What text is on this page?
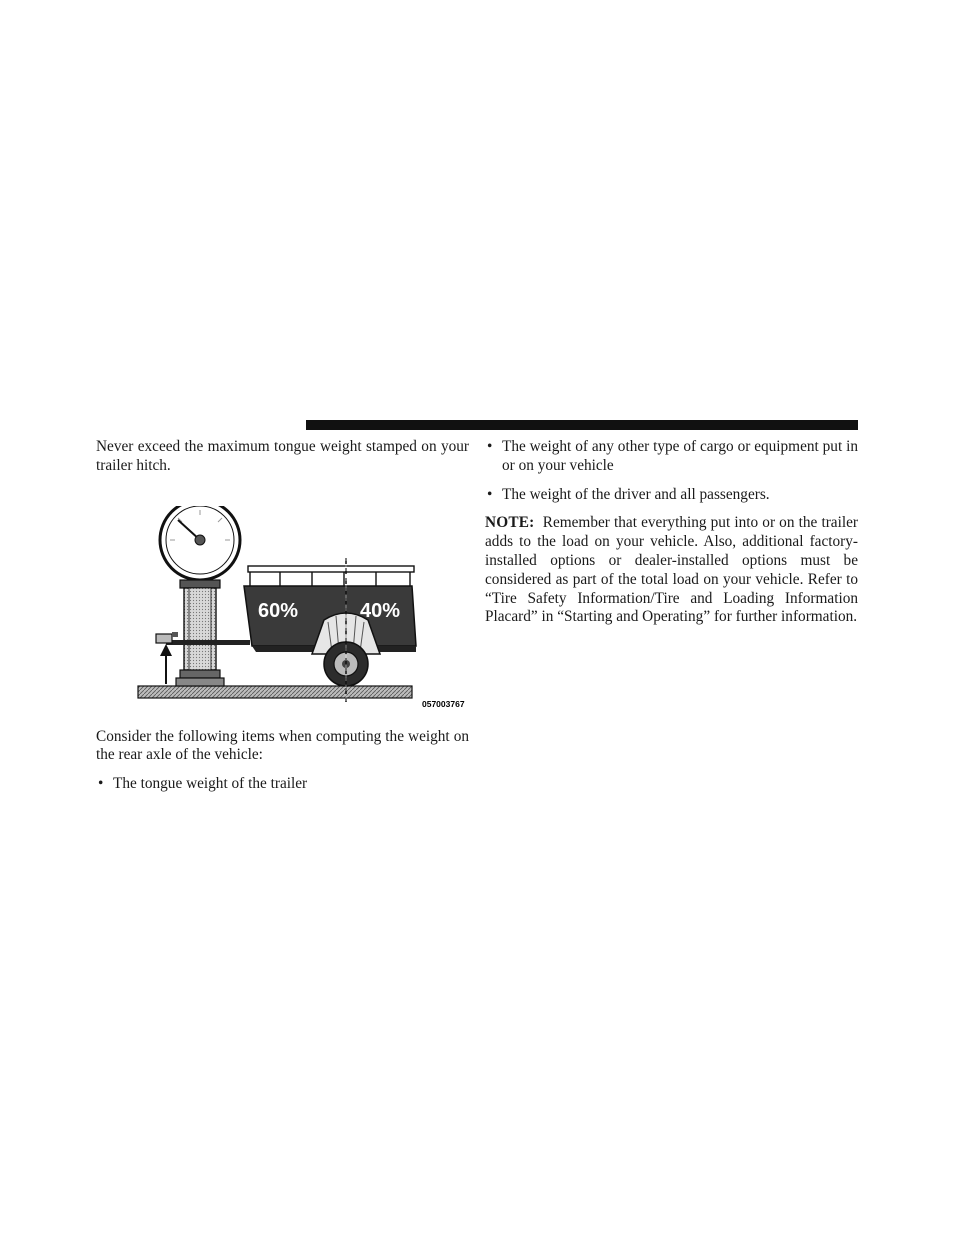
Never exceed the maximum tongue weight stamped on your trailer hitch.

60%	40%
057003767

Consider the following items when computing the weight on the rear axle of the vehicle:

• The tongue weight of the trailer
• The weight of any other type of cargo or equipment put in or on your vehicle
• The weight of the driver and all passengers.

NOTE: Remember that everything put into or on the trailer adds to the load on your vehicle. Also, additional factory-installed options or dealer-installed options must be considered as part of the total load on your vehicle. Refer to “Tire Safety Information/Tire and Loading Information Placard” in “Starting and Operating” for further information.
